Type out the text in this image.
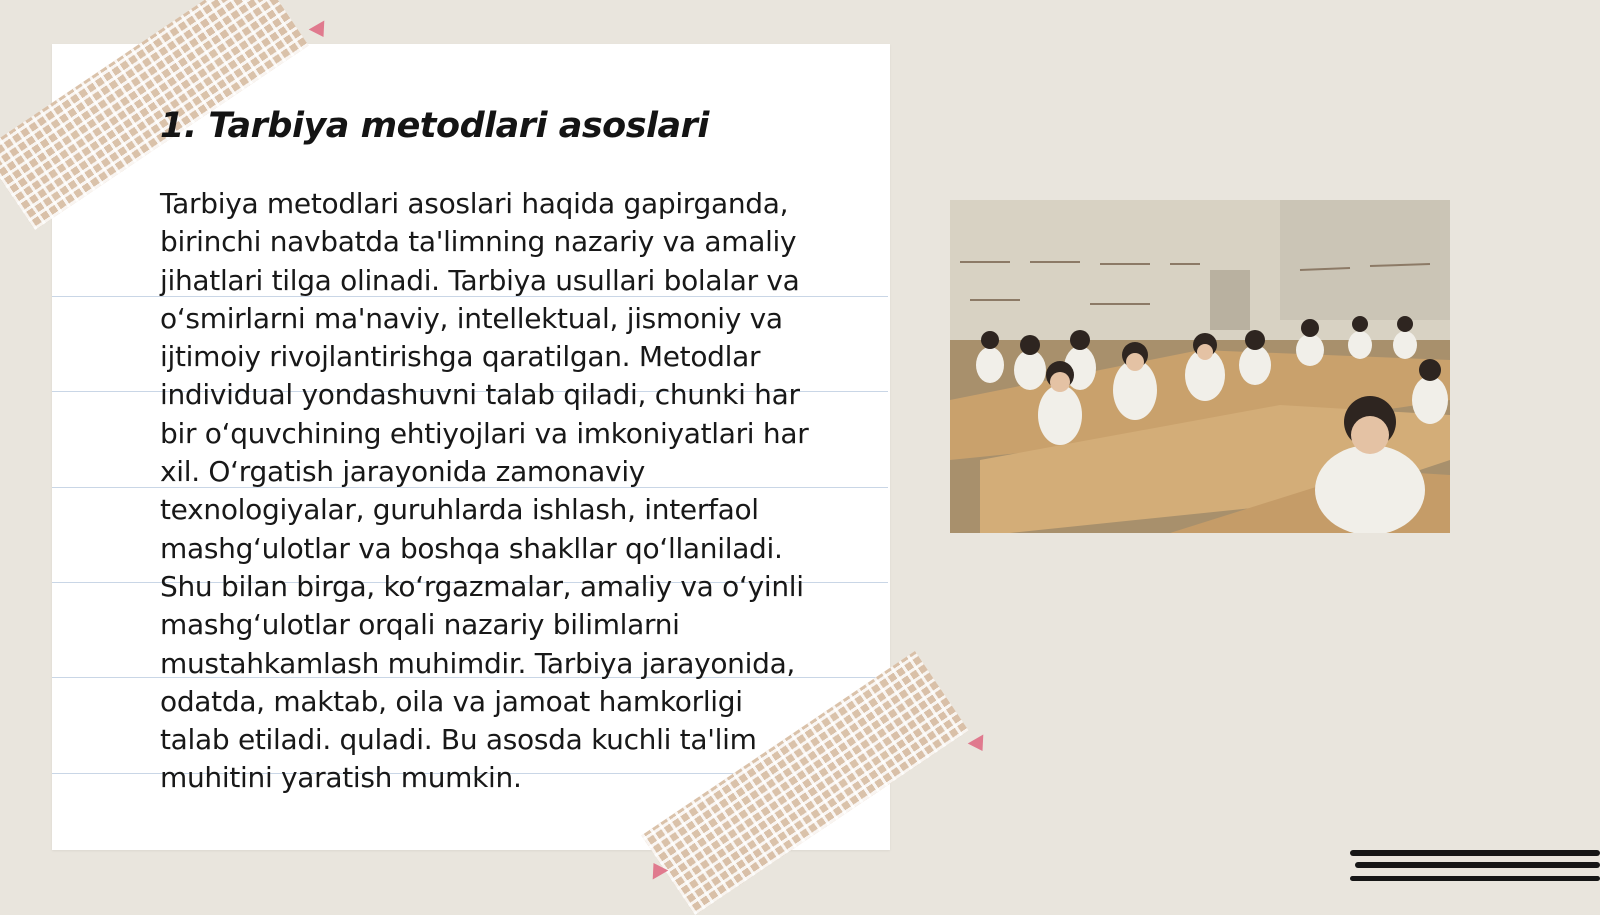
1. Tarbiya metodlari asoslari

Tarbiya metodlari asoslari haqida gapirganda, birinchi navbatda ta'limning nazariy va amaliy jihatlari tilga olinadi. Tarbiya usullari bolalar va o‘smirlarni ma'naviy, intellektual, jismoniy va ijtimoiy rivojlantirishga qaratilgan. Metodlar individual yondashuvni talab qiladi, chunki har bir o‘quvchining ehtiyojlari va imkoniyatlari har xil. O‘rgatish jarayonida zamonaviy texnologiyalar, guruhlarda ishlash, interfaol mashg‘ulotlar va boshqa shakllar qo‘llaniladi. Shu bilan birga, ko‘rgazmalar, amaliy va o‘yinli mashg‘ulotlar orqali nazariy bilimlarni mustahkamlash muhimdir. Tarbiya jarayonida, odatda, maktab, oila va jamoat hamkorligi talab etiladi. quladi. Bu asosda kuchli ta'lim muhitini yaratish mumkin.
